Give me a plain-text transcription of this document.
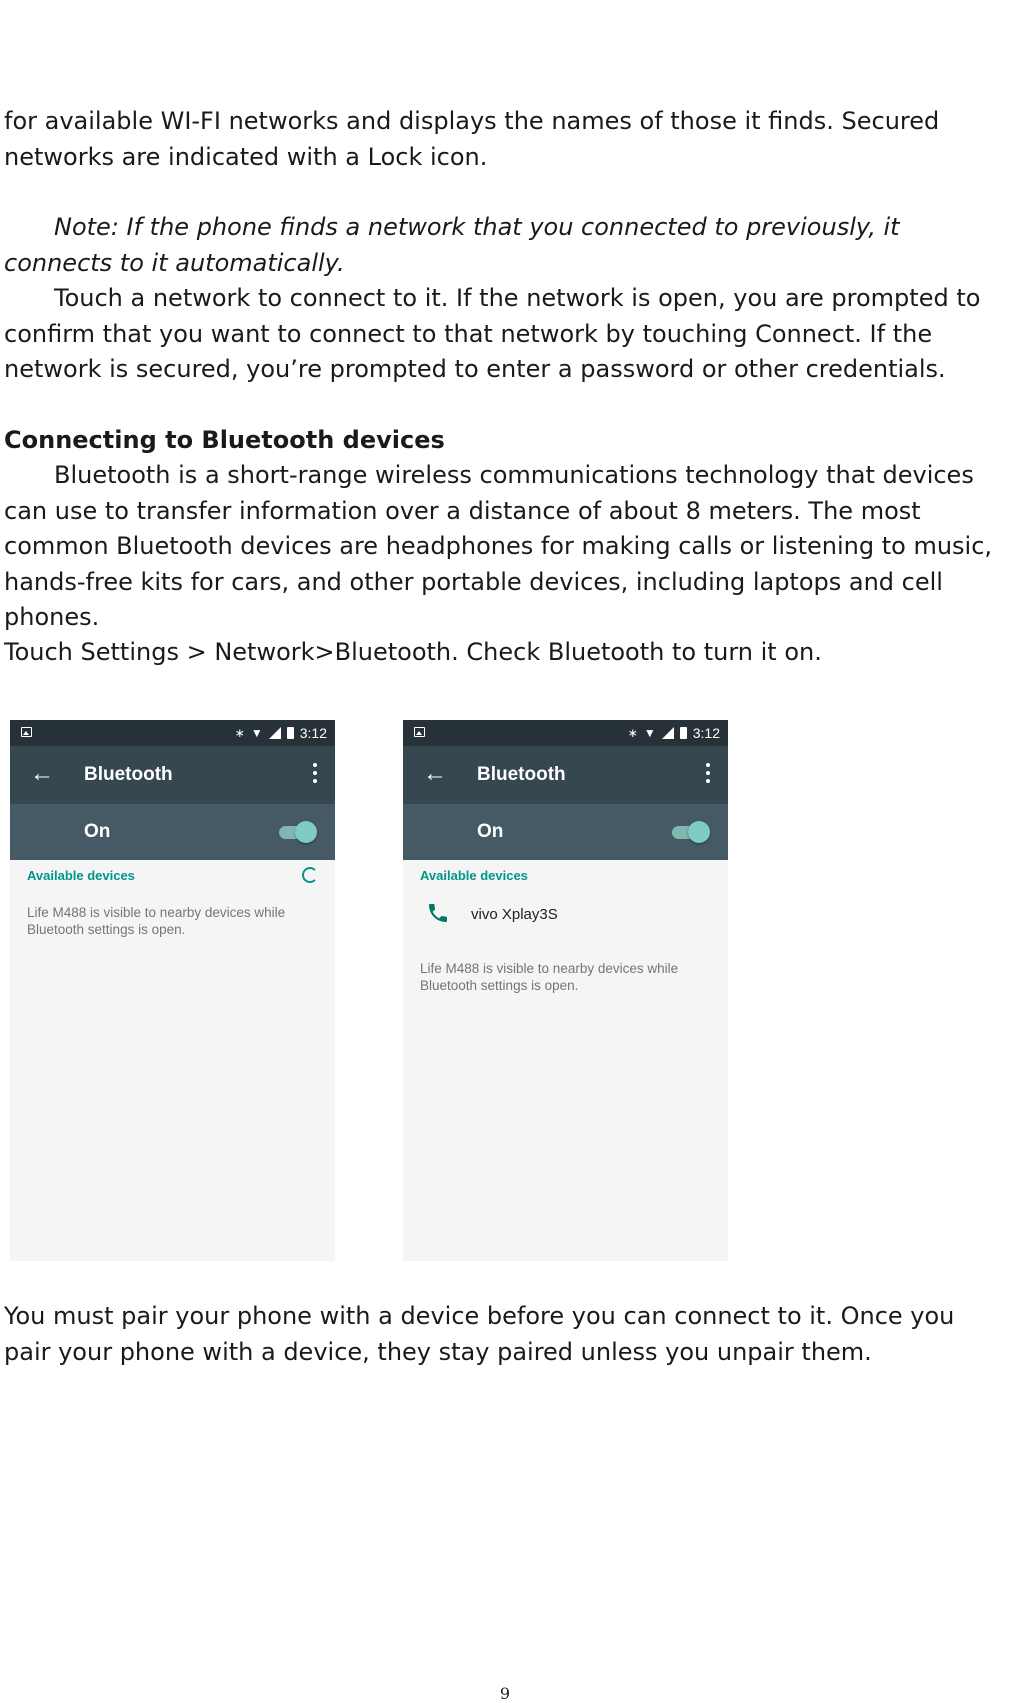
for available WI-FI networks and displays the names of those it finds. Secured networks are indicated with a Lock icon.

Note: If the phone finds a network that you connected to previously, it
connects to it automatically.

Touch a network to connect to it. If the network is open, you are prompted to confirm that you want to connect to that network by touching Connect. If the network is secured, you’re prompted to enter a password or other credentials.

Connecting to Bluetooth devices

Bluetooth is a short-range wireless communications technology that devices can use to transfer information over a distance of about 8 meters. The most common Bluetooth devices are headphones for making calls or listening to music, hands-free kits for cars, and other portable devices, including laptops and cell phones.

Touch Settings > Network>Bluetooth. Check Bluetooth to turn it on.

∗ ▼	3:12
← Bluetooth
On
Available devices
Life M488 is visible to nearby devices while Bluetooth settings is open.
∗ ▼	3:12
← Bluetooth
On
Available devices
vivo Xplay3S
Life M488 is visible to nearby devices while Bluetooth settings is open.

You must pair your phone with a device before you can connect to it. Once you pair your phone with a device, they stay paired unless you unpair them.

9
